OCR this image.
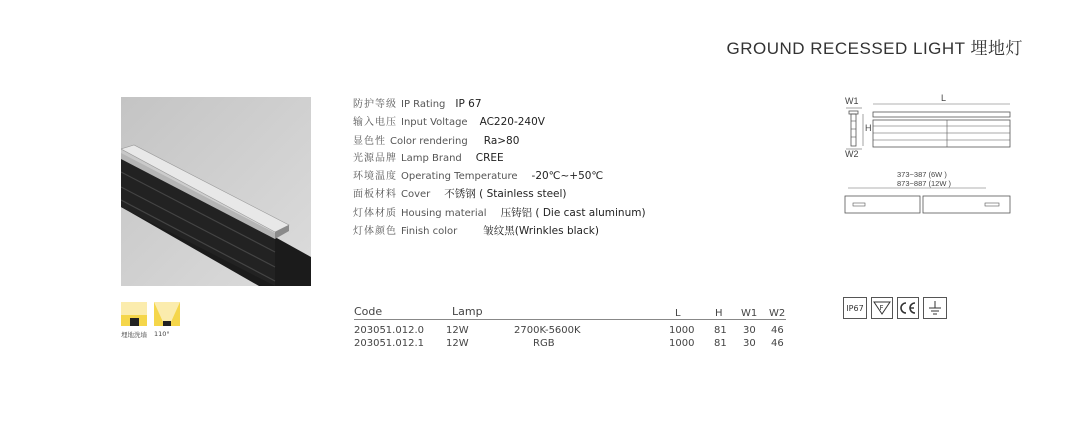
GROUND RECESSED LIGHT 埋地灯
防护等级 IP Rating IP 67
输入电压 Input Voltage AC220-240V
显色性 Color rendering Ra>80
光源品牌 Lamp Brand CREE
环境温度 Operating Temperature -20℃~+50℃
面板材料 Cover 不锈钢 ( Stainless steel)
灯体材质 Housing material 压铸铝 ( Die cast aluminum)
灯体颜色 Finish color 皱纹黑(Wrinkles black)
埋地洗墙 110°
Code	Lamp	L	H W1 W2
203051.012.0 12W	2700K-5600K	1000 81 30 46
203051.012.1 12W	RGB	1000 81 30 46
W1	L
H
W2
373~387 (6W )
873~887 (12W )
IP67	F
